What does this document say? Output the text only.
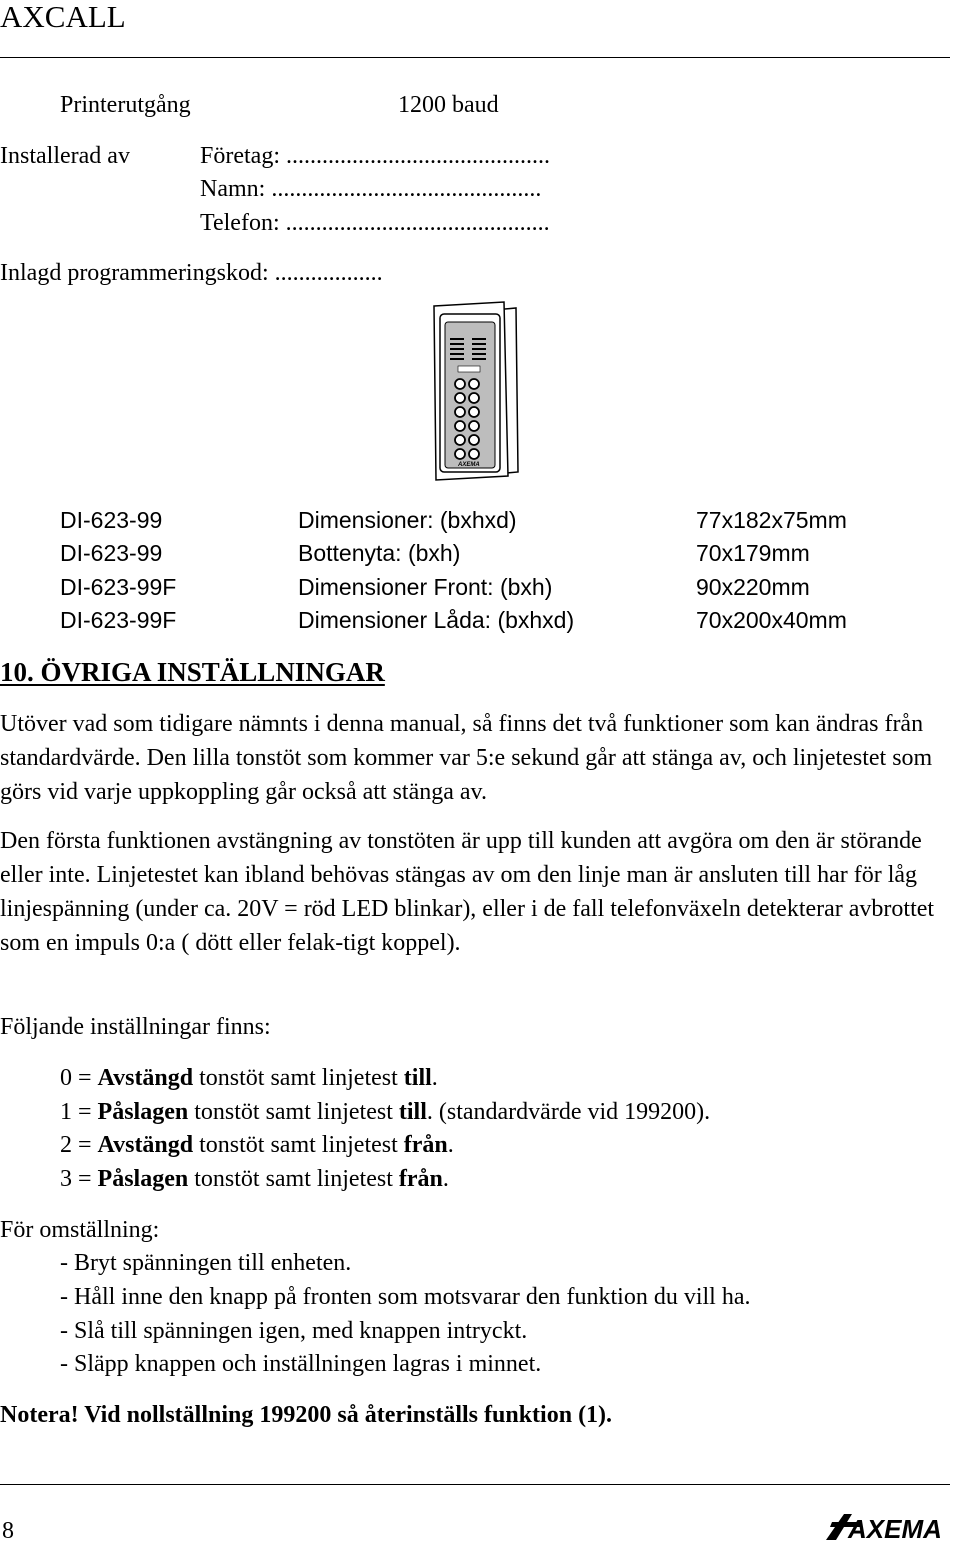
AXCALL
Printerutgång	1200 baud
Installerad av	Företag: ............................................
Namn: .............................................
Telefon: ............................................
Inlagd programmeringskod: ..................
AXEMA
DI-623-99	Dimensioner: (bxhxd)	77x182x75mm
DI-623-99	Bottenyta: (bxh)	70x179mm
DI-623-99F	Dimensioner Front: (bxh)	90x220mm
DI-623-99F	Dimensioner Låda: (bxhxd)	70x200x40mm
10. ÖVRIGA INSTÄLLNINGAR

Utöver vad som tidigare nämnts i denna manual, så finns det två funktioner som kan ändras från standardvärde. Den lilla tonstöt som kommer var 5:e sekund går att stänga av, och linjetestet som görs vid varje uppkoppling går också att stänga av.

Den första funktionen avstängning av tonstöten är upp till kunden att avgöra om den är störande eller inte. Linjetestet kan ibland behövas stängas av om den linje man är ansluten till har för låg linjespänning (under ca. 20V = röd LED blinkar), eller i de fall telefonväxeln detekterar avbrottet som en impuls 0:a ( dött eller felak-tigt koppel).

Följande inställningar finns:
0 = Avstängd tonstöt samt linjetest till.
1 = Påslagen tonstöt samt linjetest till. (standardvärde vid 199200).
2 = Avstängd tonstöt samt linjetest från.
3 = Påslagen tonstöt samt linjetest från.
För omställning:
- Bryt spänningen till enheten.
- Håll inne den knapp på fronten som motsvarar den funktion du vill ha.
- Slå till spänningen igen, med knappen intryckt.
- Släpp knappen och inställningen lagras i minnet.
Notera! Vid nollställning 199200 så återinställs funktion (1).
8	AXEMA
